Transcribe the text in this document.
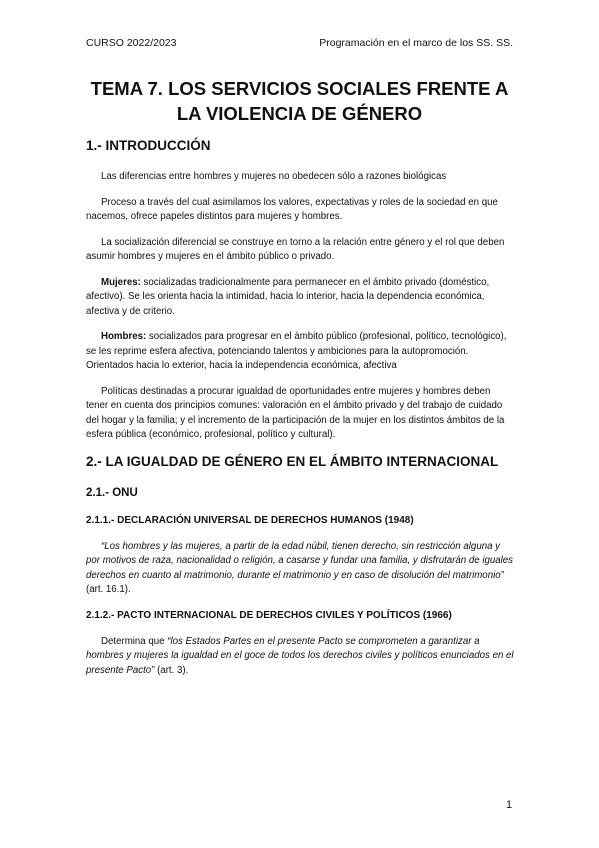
CURSO 2022/2023	Programación en el marco de los SS. SS.
TEMA 7. LOS SERVICIOS SOCIALES FRENTE A
LA VIOLENCIA DE GÉNERO
1.- INTRODUCCIÓN

Las diferencias entre hombres y mujeres no obedecen sólo a razones biológicas

Proceso a través del cual asimilamos los valores, expectativas y roles de la sociedad en que nacemos, ofrece papeles distintos para mujeres y hombres.

La socialización diferencial se construye en torno a la relación entre género y el rol que deben asumir hombres y mujeres en el ámbito público o privado.

Mujeres: socializadas tradicionalmente para permanecer en el ámbito privado (doméstico, afectivo). Se les orienta hacia la intimidad, hacia lo interior, hacia la dependencia económica, afectiva y de criterio.

Hombres: socializados para progresar en el ámbito público (profesional, político, tecnológico), se les reprime esfera afectiva, potenciando talentos y ambiciones para la autopromoción. Orientados hacia lo exterior, hacia la independencia económica, afectiva

Políticas destinadas a procurar igualdad de oportunidades entre mujeres y hombres deben tener en cuenta dos principios comunes: valoración en el ámbito privado y del trabajo de cuidado del hogar y la familia; y el incremento de la participación de la mujer en los distintos ámbitos de la esfera pública (económico, profesional, político y cultural).

2.- LA IGUALDAD DE GÉNERO EN EL ÁMBITO INTERNACIONAL
2.1.- ONU
2.1.1.- DECLARACIÓN UNIVERSAL DE DERECHOS HUMANOS (1948)

“Los hombres y las mujeres, a partir de la edad núbil, tienen derecho, sin restricción alguna y por motivos de raza, nacionalidad o religión, a casarse y fundar una familia, y disfrutarán de iguales derechos en cuanto al matrimonio, durante el matrimonio y en caso de disolución del matrimonio” (art. 16.1).

2.1.2.- PACTO INTERNACIONAL DE DERECHOS CIVILES Y POLÍTICOS (1966)

Determina que “los Estados Partes en el presente Pacto se comprometen a garantizar a hombres y mujeres la igualdad en el goce de todos los derechos civiles y políticos enunciados en el presente Pacto” (art. 3).

1
